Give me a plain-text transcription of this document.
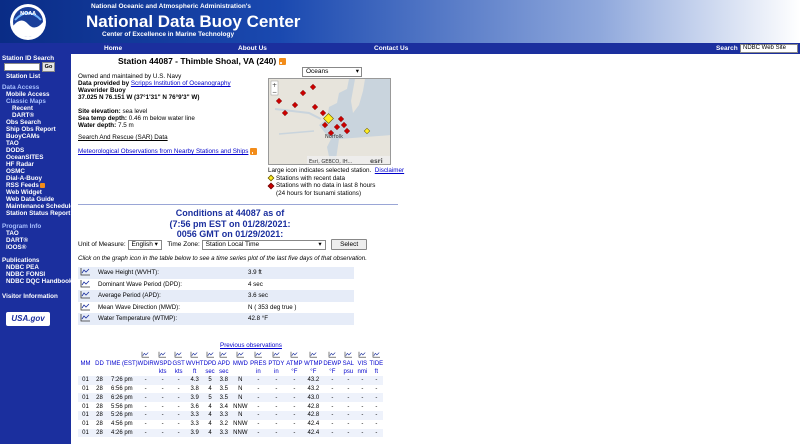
NOAA
National Oceanic and Atmospheric Administration's
National Data Buoy Center
Center of Excellence in Marine Technology
Home	About Us	Contact Us	Search NDBC Web Site
Station ID Search
Go
Station List
Data Access
Mobile Access
Classic Maps
Recent
DART®
Obs Search
Ship Obs Report
BuoyCAMs
TAO
DODS
OceanSITES
HF Radar
OSMC
Dial-A-Buoy
RSS Feeds
Web Widget
Web Data Guide
Maintenance Schedule
Station Status Report
Program Info
TAO
DART®
IOOS®
Publications
NDBC PEA
NDBC FONSI
NDBC DQC Handbook
Visitor Information
USA.gov
Station 44087 - Thimble Shoal, VA (240)
Owned and maintained by U.S. Navy
Data provided by Scripps Institution of Oceanography
Waverider Buoy
37.025 N 76.151 W (37°1'31" N 76°9'3" W)
Site elevation: sea level
Sea temp depth: 0.46 m below water line
Water depth: 7.5 m
Search And Rescue (SAR) Data
Meteorological Observations from Nearby Stations and Ships
Oceans	▾
+
−
Norfolk
Esri, GEBCO, IH...	esri
Large icon indicates selected station. Disclaimer
Stations with recent data
Stations with no data in last 8 hours
(24 hours for tsunami stations)
Conditions at 44087 as of
(7:56 pm EST on 01/28/2021:
0056 GMT on 01/29/2021:
Unit of Measure: English ▾ Time Zone: Station Local Time	▾	Select
Click on the graph icon in the table below to see a time series plot of the last five days of that observation.
	Wave Height (WVHT):	3.9 ft
	Dominant Wave Period (DPD):	4 sec
	Average Period (APD):	3.6 sec
	Mean Wave Direction (MWD):	N ( 353 deg true )
	Water Temperature (WTMP):	42.8 °F
Previous observations

MM	DD	TIME (EST)	WDIR	WSPD	GST	WVHT	DPD	APD	MWD	PRES	PTDY	ATMP	WTMP	DEWP	SAL	VIS	TIDE
				kts	kts	ft	sec	sec		in	in	°F	°F	°F	psu	nmi	ft
01	28	7:26 pm	-	-	-	4.3	5	3.8	N	-	-	-	43.2	-	-	-	-
01	28	6:56 pm	-	-	-	3.8	4	3.5	N	-	-	-	43.2	-	-	-	-
01	28	6:26 pm	-	-	-	3.9	5	3.5	N	-	-	-	43.0	-	-	-	-
01	28	5:56 pm	-	-	-	3.6	4	3.4	NNW	-	-	-	42.8	-	-	-	-
01	28	5:26 pm	-	-	-	3.3	4	3.3	N	-	-	-	42.8	-	-	-	-
01	28	4:56 pm	-	-	-	3.3	4	3.2	NNW	-	-	-	42.4	-	-	-	-
01	28	4:26 pm	-	-	-	3.9	4	3.3	NNW	-	-	-	42.4	-	-	-	-
